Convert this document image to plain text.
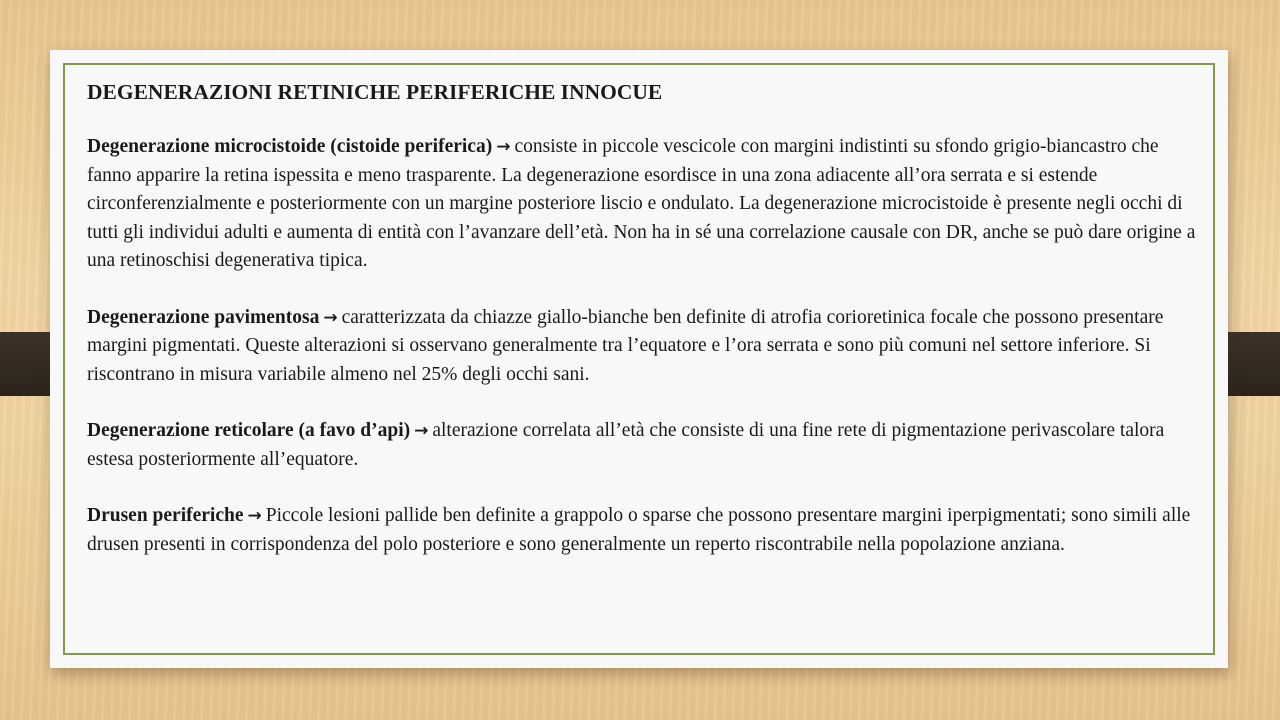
DEGENERAZIONI RETINICHE PERIFERICHE INNOCUE

Degenerazione microcistoide (cistoide periferica) → consiste in piccole vescicole con margini indistinti su sfondo grigio-biancastro che fanno apparire la retina ispessita e meno trasparente. La degenerazione esordisce in una zona adiacente all’ora serrata e si estende circonferenzialmente e posteriormente con un margine posteriore liscio e ondulato. La degenerazione microcistoide è presente negli occhi di tutti gli individui adulti e aumenta di entità con l’avanzare dell’età. Non ha in sé una correlazione causale con DR, anche se può dare origine a una retinoschisi degenerativa tipica.

Degenerazione pavimentosa → caratterizzata da chiazze giallo-bianche ben definite di atrofia corioretinica focale che possono presentare margini pigmentati. Queste alterazioni si osservano generalmente tra l’equatore e l’ora serrata e sono più comuni nel settore inferiore. Si riscontrano in misura variabile almeno nel 25% degli occhi sani.

Degenerazione reticolare (a favo d’api) → alterazione correlata all’età che consiste di una fine rete di pigmentazione perivascolare talora estesa posteriormente all’equatore.

Drusen periferiche → Piccole lesioni pallide ben definite a grappolo o sparse che possono presentare margini iperpigmentati; sono simili alle drusen presenti in corrispondenza del polo posteriore e sono generalmente un reperto riscontrabile nella popolazione anziana.
